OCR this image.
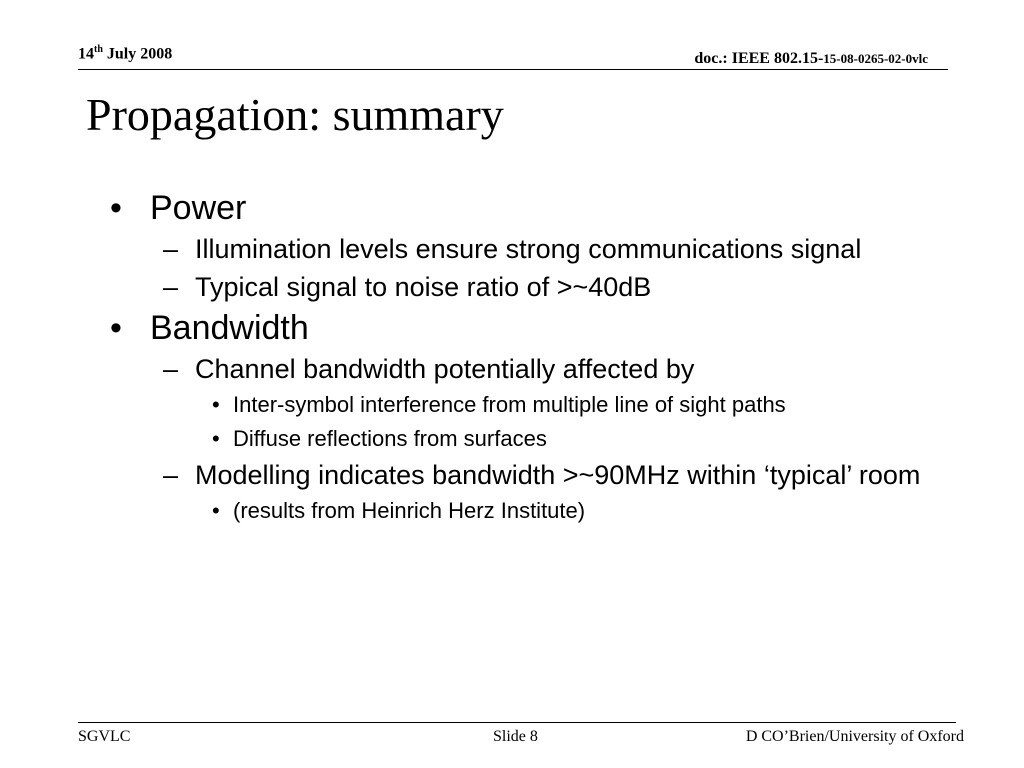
14th July 2008	doc.: IEEE 802.15-15-08-0265-02-0vlc
Propagation: summary
• Power
– Illumination levels ensure strong communications signal
– Typical signal to noise ratio of >~40dB
• Bandwidth
– Channel bandwidth potentially affected by
• Inter-symbol interference from multiple line of sight paths
• Diffuse reflections from surfaces
– Modelling indicates bandwidth >~90MHz within ‘typical’ room
• (results from Heinrich Herz Institute)
SGVLC	Slide 8	D CO’Brien/University of Oxford
